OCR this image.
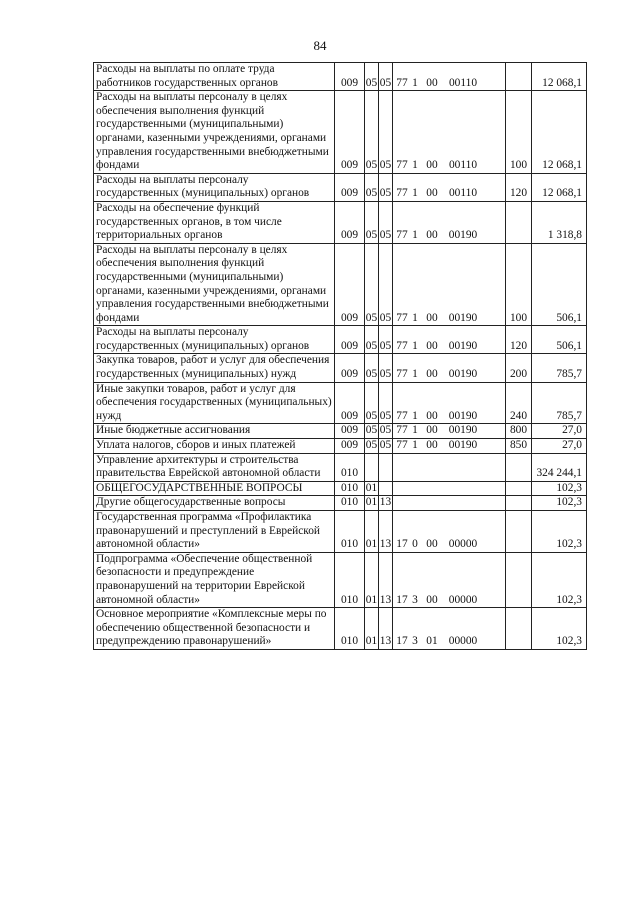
84
Расходы на выплаты по оплате труда работников государственных органов	009	05	05	77 1 00 00110		12 068,1
Расходы на выплаты персоналу в целях обеспечения выполнения функций государственными (муниципальными) органами, казенными учреждениями, органами управления государственными внебюджетными фондами	009	05	05	77 1 00 00110	100	12 068,1
Расходы на выплаты персоналу государственных (муниципальных) органов	009	05	05	77 1 00 00110	120	12 068,1
Расходы на обеспечение функций государственных органов, в том числе территориальных органов	009	05	05	77 1 00 00190		1 318,8
Расходы на выплаты персоналу в целях обеспечения выполнения функций государственными (муниципальными) органами, казенными учреждениями, органами управления государственными внебюджетными фондами	009	05	05	77 1 00 00190	100	506,1
Расходы на выплаты персоналу государственных (муниципальных) органов	009	05	05	77 1 00 00190	120	506,1
Закупка товаров, работ и услуг для обеспечения государственных (муниципальных) нужд	009	05	05	77 1 00 00190	200	785,7
Иные закупки товаров, работ и услуг для обеспечения государственных (муниципальных) нужд	009	05	05	77 1 00 00190	240	785,7
Иные бюджетные ассигнования	009	05	05	77 1 00 00190	800	27,0
Уплата налогов, сборов и иных платежей	009	05	05	77 1 00 00190	850	27,0
Управление архитектуры и строительства правительства Еврейской автономной области	010					324 244,1
ОБЩЕГОСУДАРСТВЕННЫЕ ВОПРОСЫ	010	01				102,3
Другие общегосударственные вопросы	010	01	13			102,3
Государственная программа «Профилактика правонарушений и преступлений в Еврейской автономной области»	010	01	13	17 0 00 00000		102,3
Подпрограмма «Обеспечение общественной безопасности и предупреждение правонарушений на территории Еврейской автономной области»	010	01	13	17 3 00 00000		102,3
Основное мероприятие «Комплексные меры по обеспечению общественной безопасности и предупреждению правонарушений»	010	01	13	17 3 01 00000		102,3
